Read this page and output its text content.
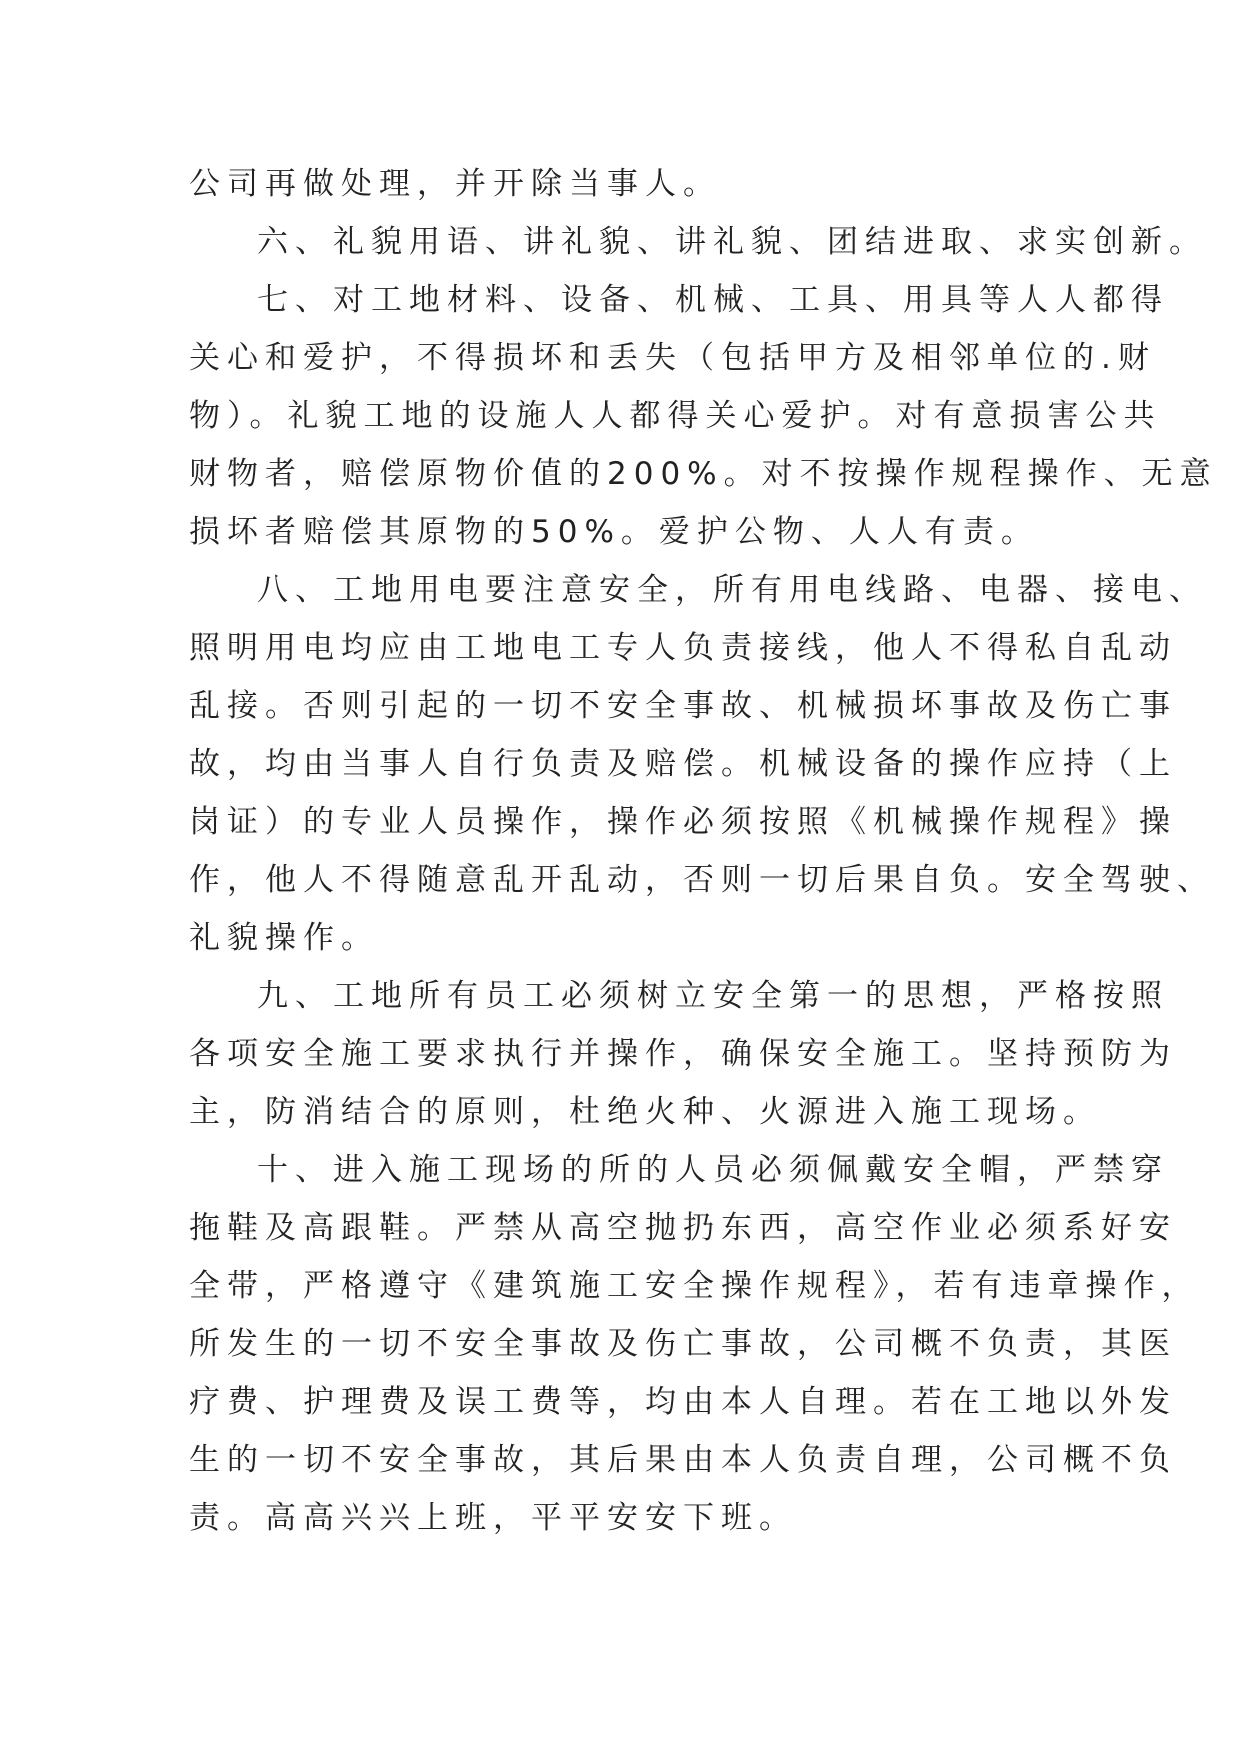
公司再做处理，并开除当事人。
六、礼貌用语、讲礼貌、讲礼貌、团结进取、求实创新。
七、对工地材料、设备、机械、工具、用具等人人都得
关心和爱护，不得损坏和丢失（包括甲方及相邻单位的.财
物）。礼貌工地的设施人人都得关心爱护。对有意损害公共
财物者，赔偿原物价值的200%。对不按操作规程操作、无意
损坏者赔偿其原物的50%。爱护公物、人人有责。
八、工地用电要注意安全，所有用电线路、电器、接电、
照明用电均应由工地电工专人负责接线，他人不得私自乱动
乱接。否则引起的一切不安全事故、机械损坏事故及伤亡事
故，均由当事人自行负责及赔偿。机械设备的操作应持（上
岗证）的专业人员操作，操作必须按照《机械操作规程》操
作，他人不得随意乱开乱动，否则一切后果自负。安全驾驶、
礼貌操作。
九、工地所有员工必须树立安全第一的思想，严格按照
各项安全施工要求执行并操作，确保安全施工。坚持预防为
主，防消结合的原则，杜绝火种、火源进入施工现场。
十、进入施工现场的所的人员必须佩戴安全帽，严禁穿
拖鞋及高跟鞋。严禁从高空抛扔东西，高空作业必须系好安
全带，严格遵守《建筑施工安全操作规程》，若有违章操作，
所发生的一切不安全事故及伤亡事故，公司概不负责，其医
疗费、护理费及误工费等，均由本人自理。若在工地以外发
生的一切不安全事故，其后果由本人负责自理，公司概不负
责。高高兴兴上班，平平安安下班。
